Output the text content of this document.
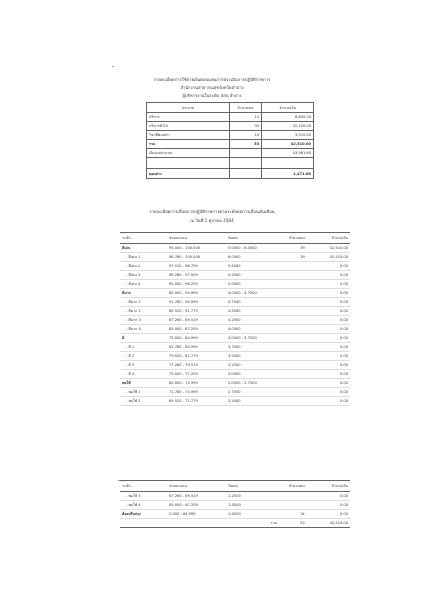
รายละเอียดการใช้จ่ายเงินตอบแทนการประเมินการปฏิบัติราชการ
สำนักงานสาธารณสุขจังหวัดลำปาง
ผู้บริหารงานในระดับ สสจ.ลำปาง
ประเภท	จำนวนคน	จำนวนเงิน
บริหาร	12	6,850.00
บริหารทั่วไป	30	32,150.00
วิชาชีพเฉพาะ	10	3,510.00
รวม	53	42,510.00
เงินงบประมาณ		43,981.65

ยอดต่าง		1,471.65
รายละเอียดการเลื่อนการปฏิบัติราชการตามระดับผลการเลื่อนเงินเดือน
ณ วันที่ 1 ตุลาคม 2564
ระดับ	ช่วงคะแนน	ร้อยละ	จำนวนคน	จำนวนเงิน
ดีเด่น	95.000 - 100.000	5.0000 - 6.0000	39	42,510.00
- ดีเด่น 1	98.760 - 100.000	6.0000	39	42,510.00
- ดีเด่น 2	97.510 - 98.759	5.5000		0.00
- ดีเด่น 3	96.260 - 97.509	5.2500		0.00
- ดีเด่น 4	95.000 - 96.259	5.0000		0.00
ดีมาก	85.000 - 94.999	4.0000 - 4.7500		0.00
- ดีมาก 1	91.780 - 94.999	4.7500		0.00
- ดีมาก 2	89.520 - 91.779	4.5000		0.00
- ดีมาก 3	87.260 - 89.519	4.2500		0.00
- ดีมาก 4	85.000 - 87.259	4.0000		0.00
ดี	75.000 - 84.999	3.0000 - 3.7500		0.00
- ดี 1	81.780 - 84.999	3.7500		0.00
- ดี 2	79.520 - 81.779	3.5000		0.00
- ดี 3	77.260 - 79.519	3.2500		0.00
- ดี 4	75.000 - 77.259	3.0000		0.00
พอใช้	60.000 - 74.999	2.0000 - 2.7500		0.00
- พอใช้ 1	71.780 - 74.999	2.7500		0.00
- พอใช้ 2	69.520 - 71.779	2.5000		0.00
ระดับ	ช่วงคะแนน	ร้อยละ	จำนวนคน	จำนวนเงิน
- พอใช้ 3	67.260 - 69.519	2.2500		0.00
- พอใช้ 4	65.000 - 67.259	2.0000		0.00
ต้องปรับปรุง	0.000 - 64.999	0.0000	14	0.00
		รวม	53	42,510.00
